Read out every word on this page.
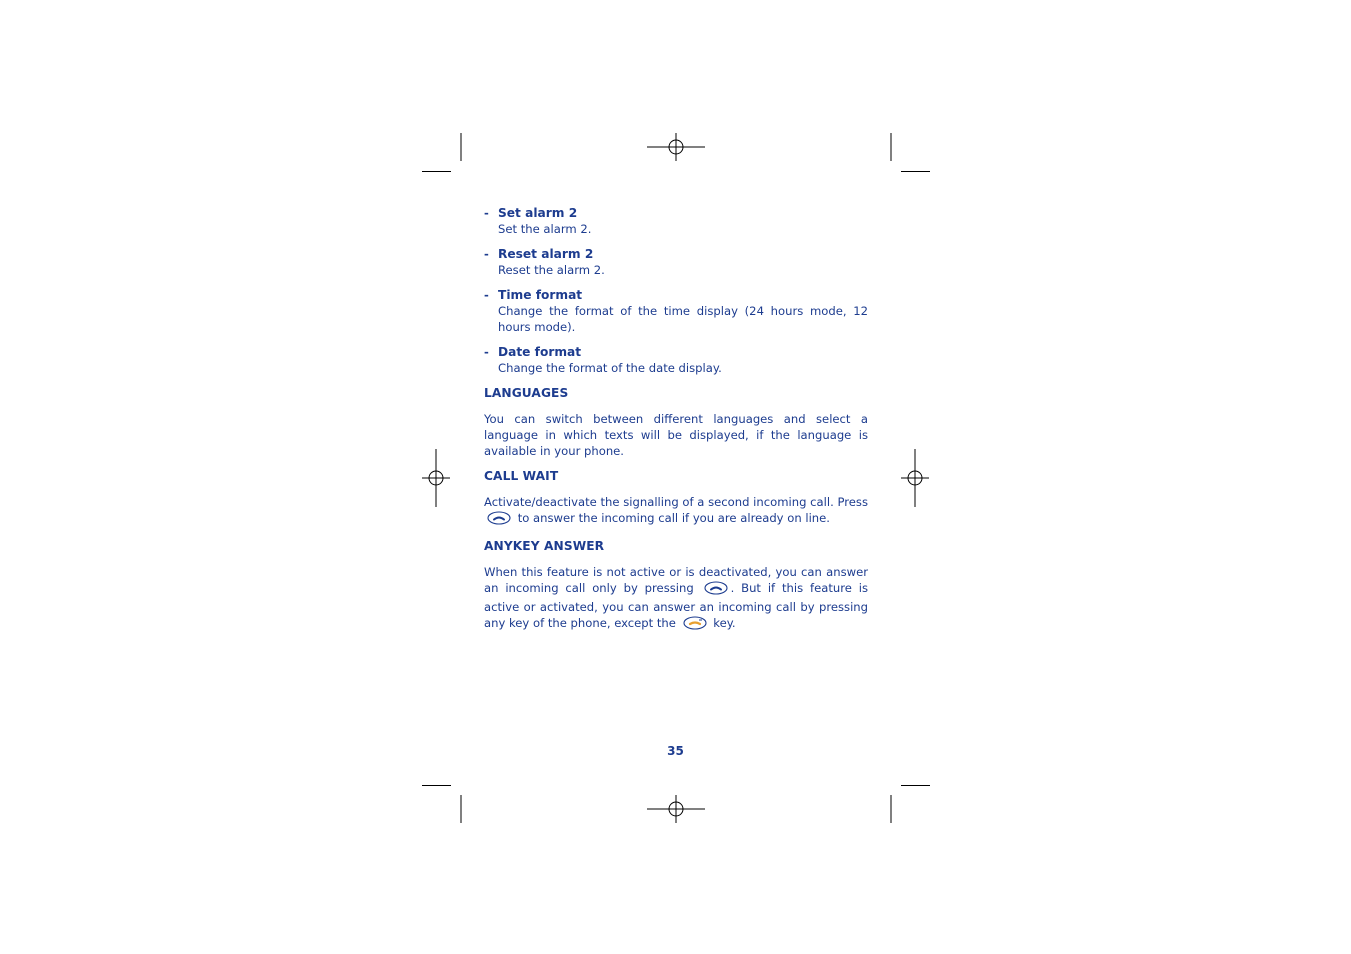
- Set alarm 2
Set the alarm 2.
- Reset alarm 2
Reset the alarm 2.
- Time format
Change the format of the time display (24 hours mode, 12 hours mode).
- Date format
Change the format of the date display.
LANGUAGES
You can switch between different languages and select a language in which texts will be displayed, if the language is available in your phone.
CALL WAIT
Activate/deactivate the signalling of a second incoming call. Press  to answer the incoming call if you are already on line.
ANYKEY ANSWER
When this feature is not active or is deactivated, you can answer an incoming call only by pressing	. But if this feature is active or activated, you can answer an incoming call by pressing any key of the phone, except the	key.
35
